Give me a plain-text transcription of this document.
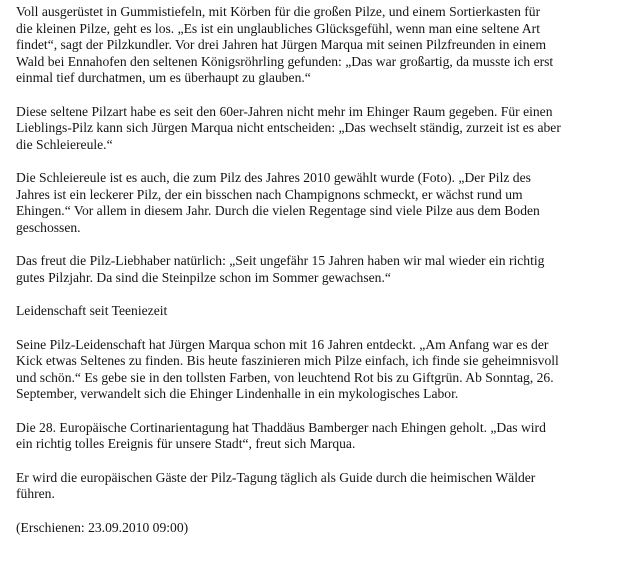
Voll ausgerüstet in Gummistiefeln, mit Körben für die großen Pilze, und einem Sortierkasten für
die kleinen Pilze, geht es los. „Es ist ein unglaubliches Glücksgefühl, wenn man eine seltene Art
findet“, sagt der Pilzkundler. Vor drei Jahren hat Jürgen Marqua mit seinen Pilzfreunden in einem
Wald bei Ennahofen den seltenen Königsröhrling gefunden: „Das war großartig, da musste ich erst
einmal tief durchatmen, um es überhaupt zu glauben.“

Diese seltene Pilzart habe es seit den 60er-Jahren nicht mehr im Ehinger Raum gegeben. Für einen
Lieblings-Pilz kann sich Jürgen Marqua nicht entscheiden: „Das wechselt ständig, zurzeit ist es aber
die Schleiereule.“

Die Schleiereule ist es auch, die zum Pilz des Jahres 2010 gewählt wurde (Foto). „Der Pilz des
Jahres ist ein leckerer Pilz, der ein bisschen nach Champignons schmeckt, er wächst rund um
Ehingen.“ Vor allem in diesem Jahr. Durch die vielen Regentage sind viele Pilze aus dem Boden
geschossen.

Das freut die Pilz-Liebhaber natürlich: „Seit ungefähr 15 Jahren haben wir mal wieder ein richtig
gutes Pilzjahr. Da sind die Steinpilze schon im Sommer gewachsen.“

Leidenschaft seit Teeniezeit

Seine Pilz-Leidenschaft hat Jürgen Marqua schon mit 16 Jahren entdeckt. „Am Anfang war es der
Kick etwas Seltenes zu finden. Bis heute faszinieren mich Pilze einfach, ich finde sie geheimnisvoll
und schön.“ Es gebe sie in den tollsten Farben, von leuchtend Rot bis zu Giftgrün. Ab Sonntag, 26.
September, verwandelt sich die Ehinger Lindenhalle in ein mykologisches Labor.

Die 28. Europäische Cortinarientagung hat Thaddäus Bamberger nach Ehingen geholt. „Das wird
ein richtig tolles Ereignis für unsere Stadt“, freut sich Marqua.

Er wird die europäischen Gäste der Pilz-Tagung täglich als Guide durch die heimischen Wälder
führen.

(Erschienen: 23.09.2010 09:00)
